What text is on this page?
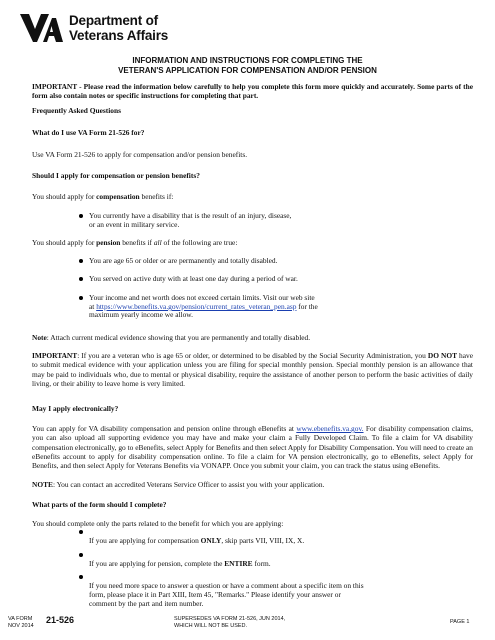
Department of
Veterans Affairs
INFORMATION AND INSTRUCTIONS FOR COMPLETING THE
VETERAN'S APPLICATION FOR COMPENSATION AND/OR PENSION
IMPORTANT - Please read the information below carefully to help you complete this form more quickly and accurately. Some parts of the form also contain notes or specific instructions for completing that part.
Frequently Asked Questions
What do I use VA Form 21-526 for?
Use VA Form 21-526 to apply for compensation and/or pension benefits.
Should I apply for compensation or pension benefits?
You should apply for compensation benefits if:
You currently have a disability that is the result of an injury, disease,
or an event in military service.
You should apply for pension benefits if all of the following are true:
You are age 65 or older or are permanently and totally disabled.
You served on active duty with at least one day during a period of war.
Your income and net worth does not exceed certain limits. Visit our web site
at https://www.benefits.va.gov/pension/current_rates_veteran_pen.asp for the
maximum yearly income we allow.
Note: Attach current medical evidence showing that you are permanently and totally disabled.
IMPORTANT: If you are a veteran who is age 65 or older, or determined to be disabled by the Social Security Administration, you DO NOT have to submit medical evidence with your application unless you are filing for special monthly pension. Special monthly pension is an allowance that may be paid to individuals who, due to mental or physical disability, require the assistance of another person to perform the basic activities of daily living, or their ability to leave home is very limited.
May I apply electronically?
You can apply for VA disability compensation and pension online through eBenefits at www.ebenefits.va.gov. For disability compensation claims, you can also upload all supporting evidence you may have and make your claim a Fully Developed Claim. To file a claim for VA disability compensation electronically, go to eBenefits, select Apply for Benefits and then select Apply for Disability Compensation. You will need to create an eBenefits account to apply for disability compensation online. To file a claim for VA pension electronically, go to eBenefits, select Apply for Benefits, and then select Apply for Veterans Benefits via VONAPP. Once you submit your claim, you can track the status using eBenefits.
NOTE: You can contact an accredited Veterans Service Officer to assist you with your application.
What parts of the form should I complete?
You should complete only the parts related to the benefit for which you are applying:
If you are applying for compensation ONLY, skip parts VII, VIII, IX, X.
If you are applying for pension, complete the ENTIRE form.
If you need more space to answer a question or have a comment about a specific item on this
form, please place it in Part XIII, Item 45, "Remarks." Please identify your answer or
comment by the part and item number.
VA FORM
NOV 2014
21-526	SUPERSEDES VA FORM 21-526, JUN 2014,
WHICH WILL NOT BE USED.
PAGE 1
